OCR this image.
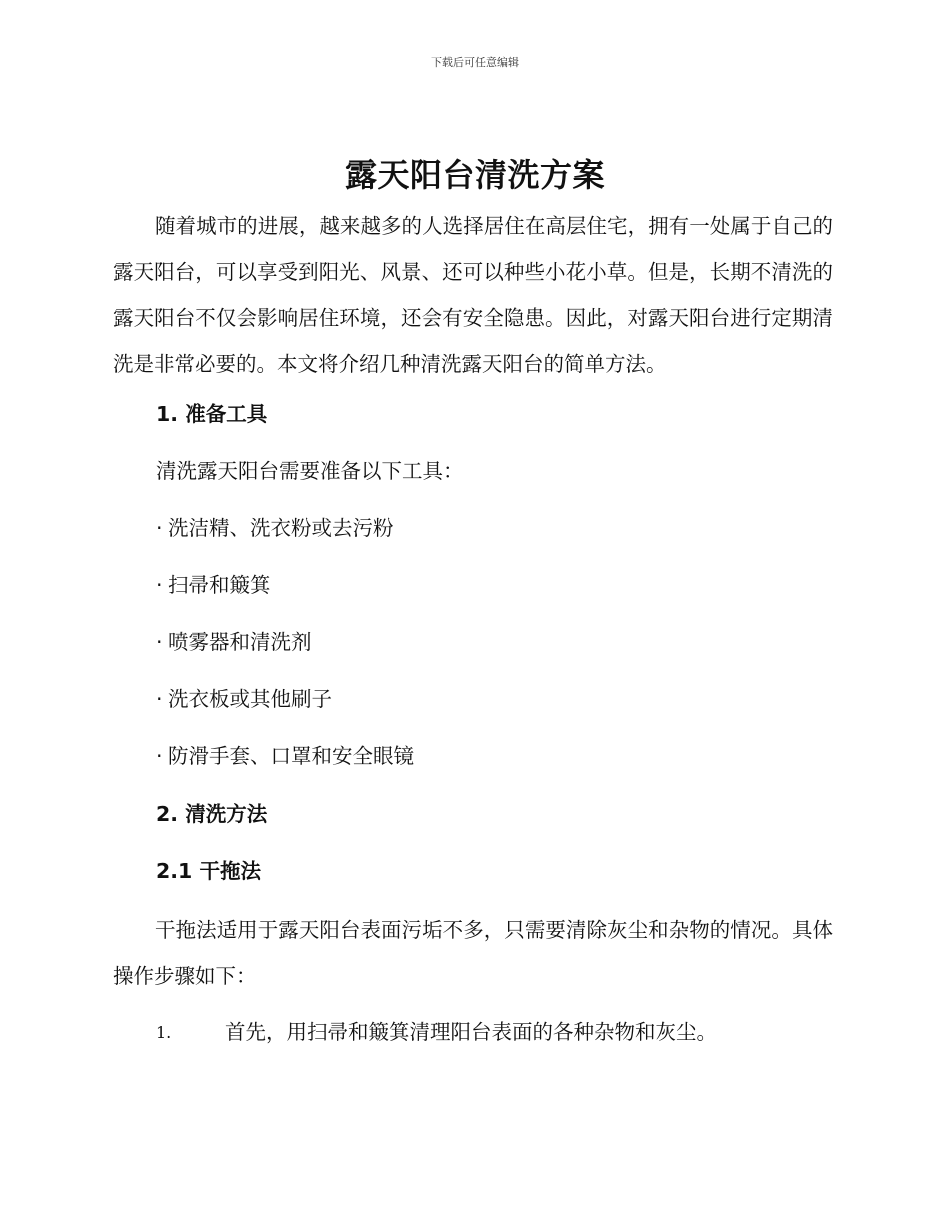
下载后可任意编辑
露天阳台清洗方案

随着城市的进展，越来越多的人选择居住在高层住宅，拥有一处属于自己的露天阳台，可以享受到阳光、风景、还可以种些小花小草。但是，长期不清洗的露天阳台不仅会影响居住环境，还会有安全隐患。因此，对露天阳台进行定期清洗是非常必要的。本文将介绍几种清洗露天阳台的简单方法。

1. 准备工具
清洗露天阳台需要准备以下工具：
· 洗洁精、洗衣粉或去污粉
· 扫帚和簸箕
· 喷雾器和清洗剂
· 洗衣板或其他刷子
· 防滑手套、口罩和安全眼镜
2. 清洗方法
2.1 干拖法

干拖法适用于露天阳台表面污垢不多，只需要清除灰尘和杂物的情况。具体操作步骤如下：

1.	首先，用扫帚和簸箕清理阳台表面的各种杂物和灰尘。
